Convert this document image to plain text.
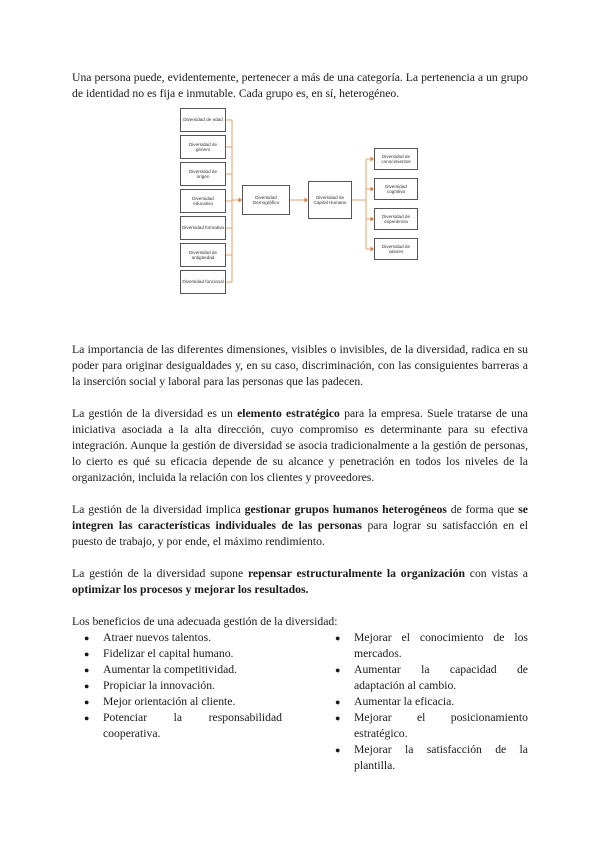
Una persona puede, evidentemente, pertenecer a más de una categoría. La pertenencia a un grupo de identidad no es fija e inmutable. Cada grupo es, en sí, heterogéneo.

Diversidad de edad
Diversidad de género
Diversidad de origen
Diversidad educativa
Diversidad formativa
Diversidad de antigüedad
Diversidad funcional
Diversidad Demográfica
Diversidad de Capital Humano
Diversidad de conocimientos
Diversidad cognitiva
Diversidad de experiencia
Diversidad de valores

La importancia de las diferentes dimensiones, visibles o invisibles, de la diversidad, radica en su poder para originar desigualdades y, en su caso, discriminación, con las consiguientes barreras a la inserción social y laboral para las personas que las padecen.

La gestión de la diversidad es un elemento estratégico para la empresa. Suele tratarse de una iniciativa asociada a la alta dirección, cuyo compromiso es determinante para su efectiva integración. Aunque la gestión de diversidad se asocia tradicionalmente a la gestión de personas, lo cierto es qué su eficacia depende de su alcance y penetración en todos los niveles de la organización, incluida la relación con los clientes y proveedores.

La gestión de la diversidad implica gestionar grupos humanos heterogéneos de forma que se integren las características individuales de las personas para lograr su satisfacción en el puesto de trabajo, y por ende, el máximo rendimiento.

La gestión de la diversidad supone repensar estructuralmente la organización con vistas a optimizar los procesos y mejorar los resultados.

Los beneficios de una adecuada gestión de la diversidad:

● Atraer nuevos talentos.
● Fidelizar el capital humano.
● Aumentar la competitividad.
● Propiciar la innovación.
● Mejor orientación al cliente.
● Potenciar la responsabilidad cooperativa.
● Mejorar el conocimiento de los mercados.
● Aumentar la capacidad de adaptación al cambio.
● Aumentar la eficacia.
● Mejorar el posicionamiento estratégico.
● Mejorar la satisfacción de la plantilla.
